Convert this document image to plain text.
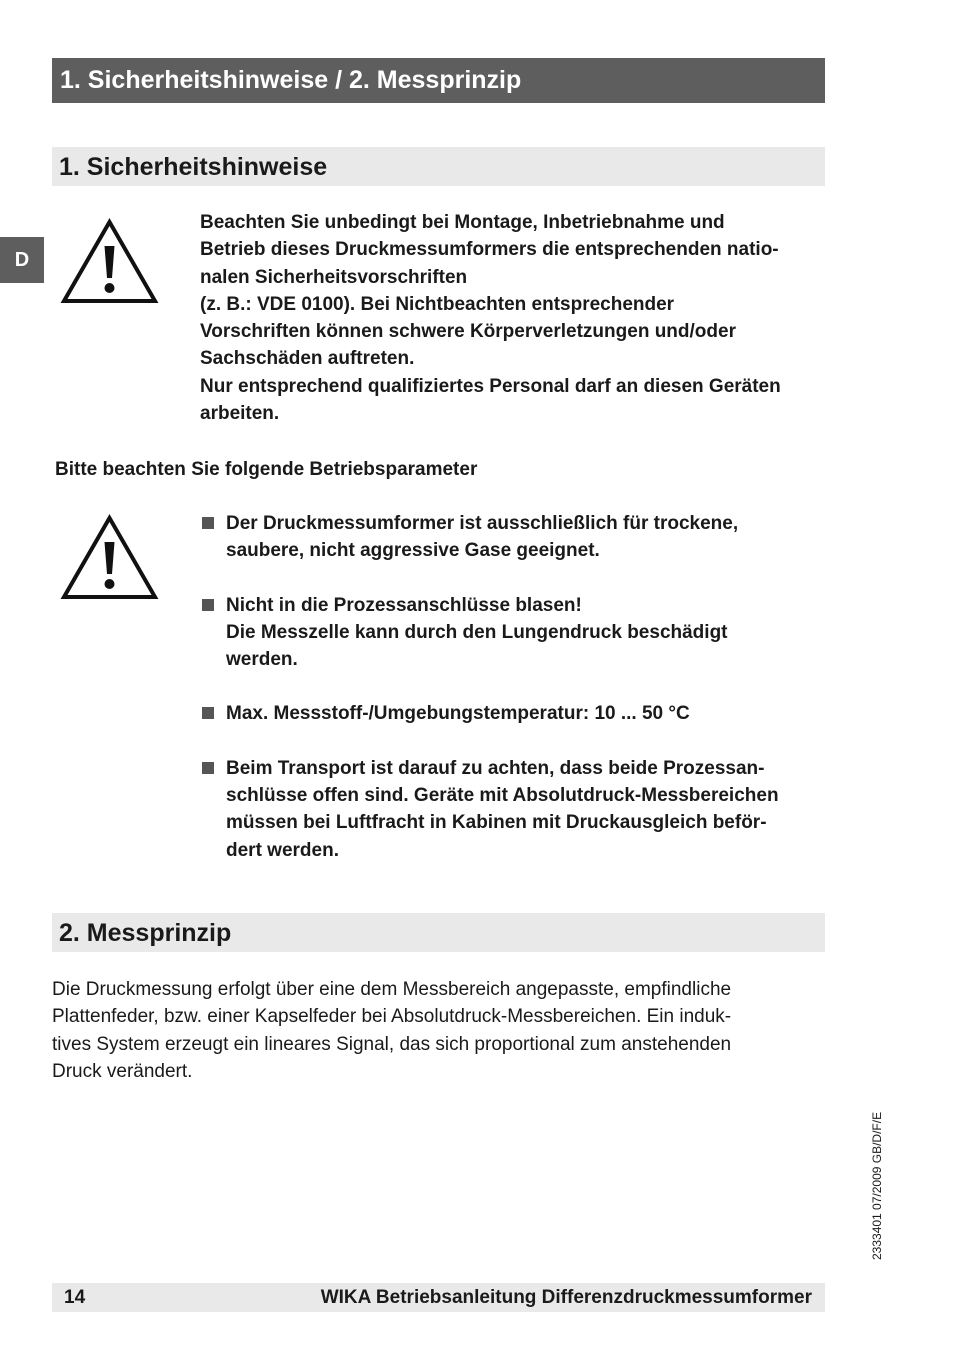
1. Sicherheitshinweise / 2. Messprinzip
D
1. Sicherheitshinweise
Beachten Sie unbedingt bei Montage, Inbetriebnahme und
Betrieb dieses Druckmessumformers die entsprechenden natio-
nalen Sicherheitsvorschriften
(z. B.: VDE 0100). Bei Nichtbeachten entsprechender
Vorschriften können schwere Körperverletzungen und/oder
Sachschäden auftreten.
Nur entsprechend qualifiziertes Personal darf an diesen Geräten
arbeiten.
Bitte beachten Sie folgende Betriebsparameter
Der Druckmessumformer ist ausschließlich für trockene,
saubere, nicht aggressive Gase geeignet.
Nicht in die Prozessanschlüsse blasen!
Die Messzelle kann durch den Lungendruck beschädigt
werden.
Max. Messstoff-/Umgebungstemperatur: 10 ... 50 °C
Beim Transport ist darauf zu achten, dass beide Prozessan-
schlüsse offen sind. Geräte mit Absolutdruck-Messbereichen
müssen bei Luftfracht in Kabinen mit Druckausgleich beför-
dert werden.
2. Messprinzip
Die Druckmessung erfolgt über eine dem Messbereich angepasste, empfindliche
Plattenfeder, bzw. einer Kapselfeder bei Absolutdruck-Messbereichen. Ein induk-
tives System erzeugt ein lineares Signal, das sich proportional zum anstehenden
Druck verändert.
2333401 07/2009 GB/D/F/E
14	WIKA Betriebsanleitung Differenzdruckmessumformer
